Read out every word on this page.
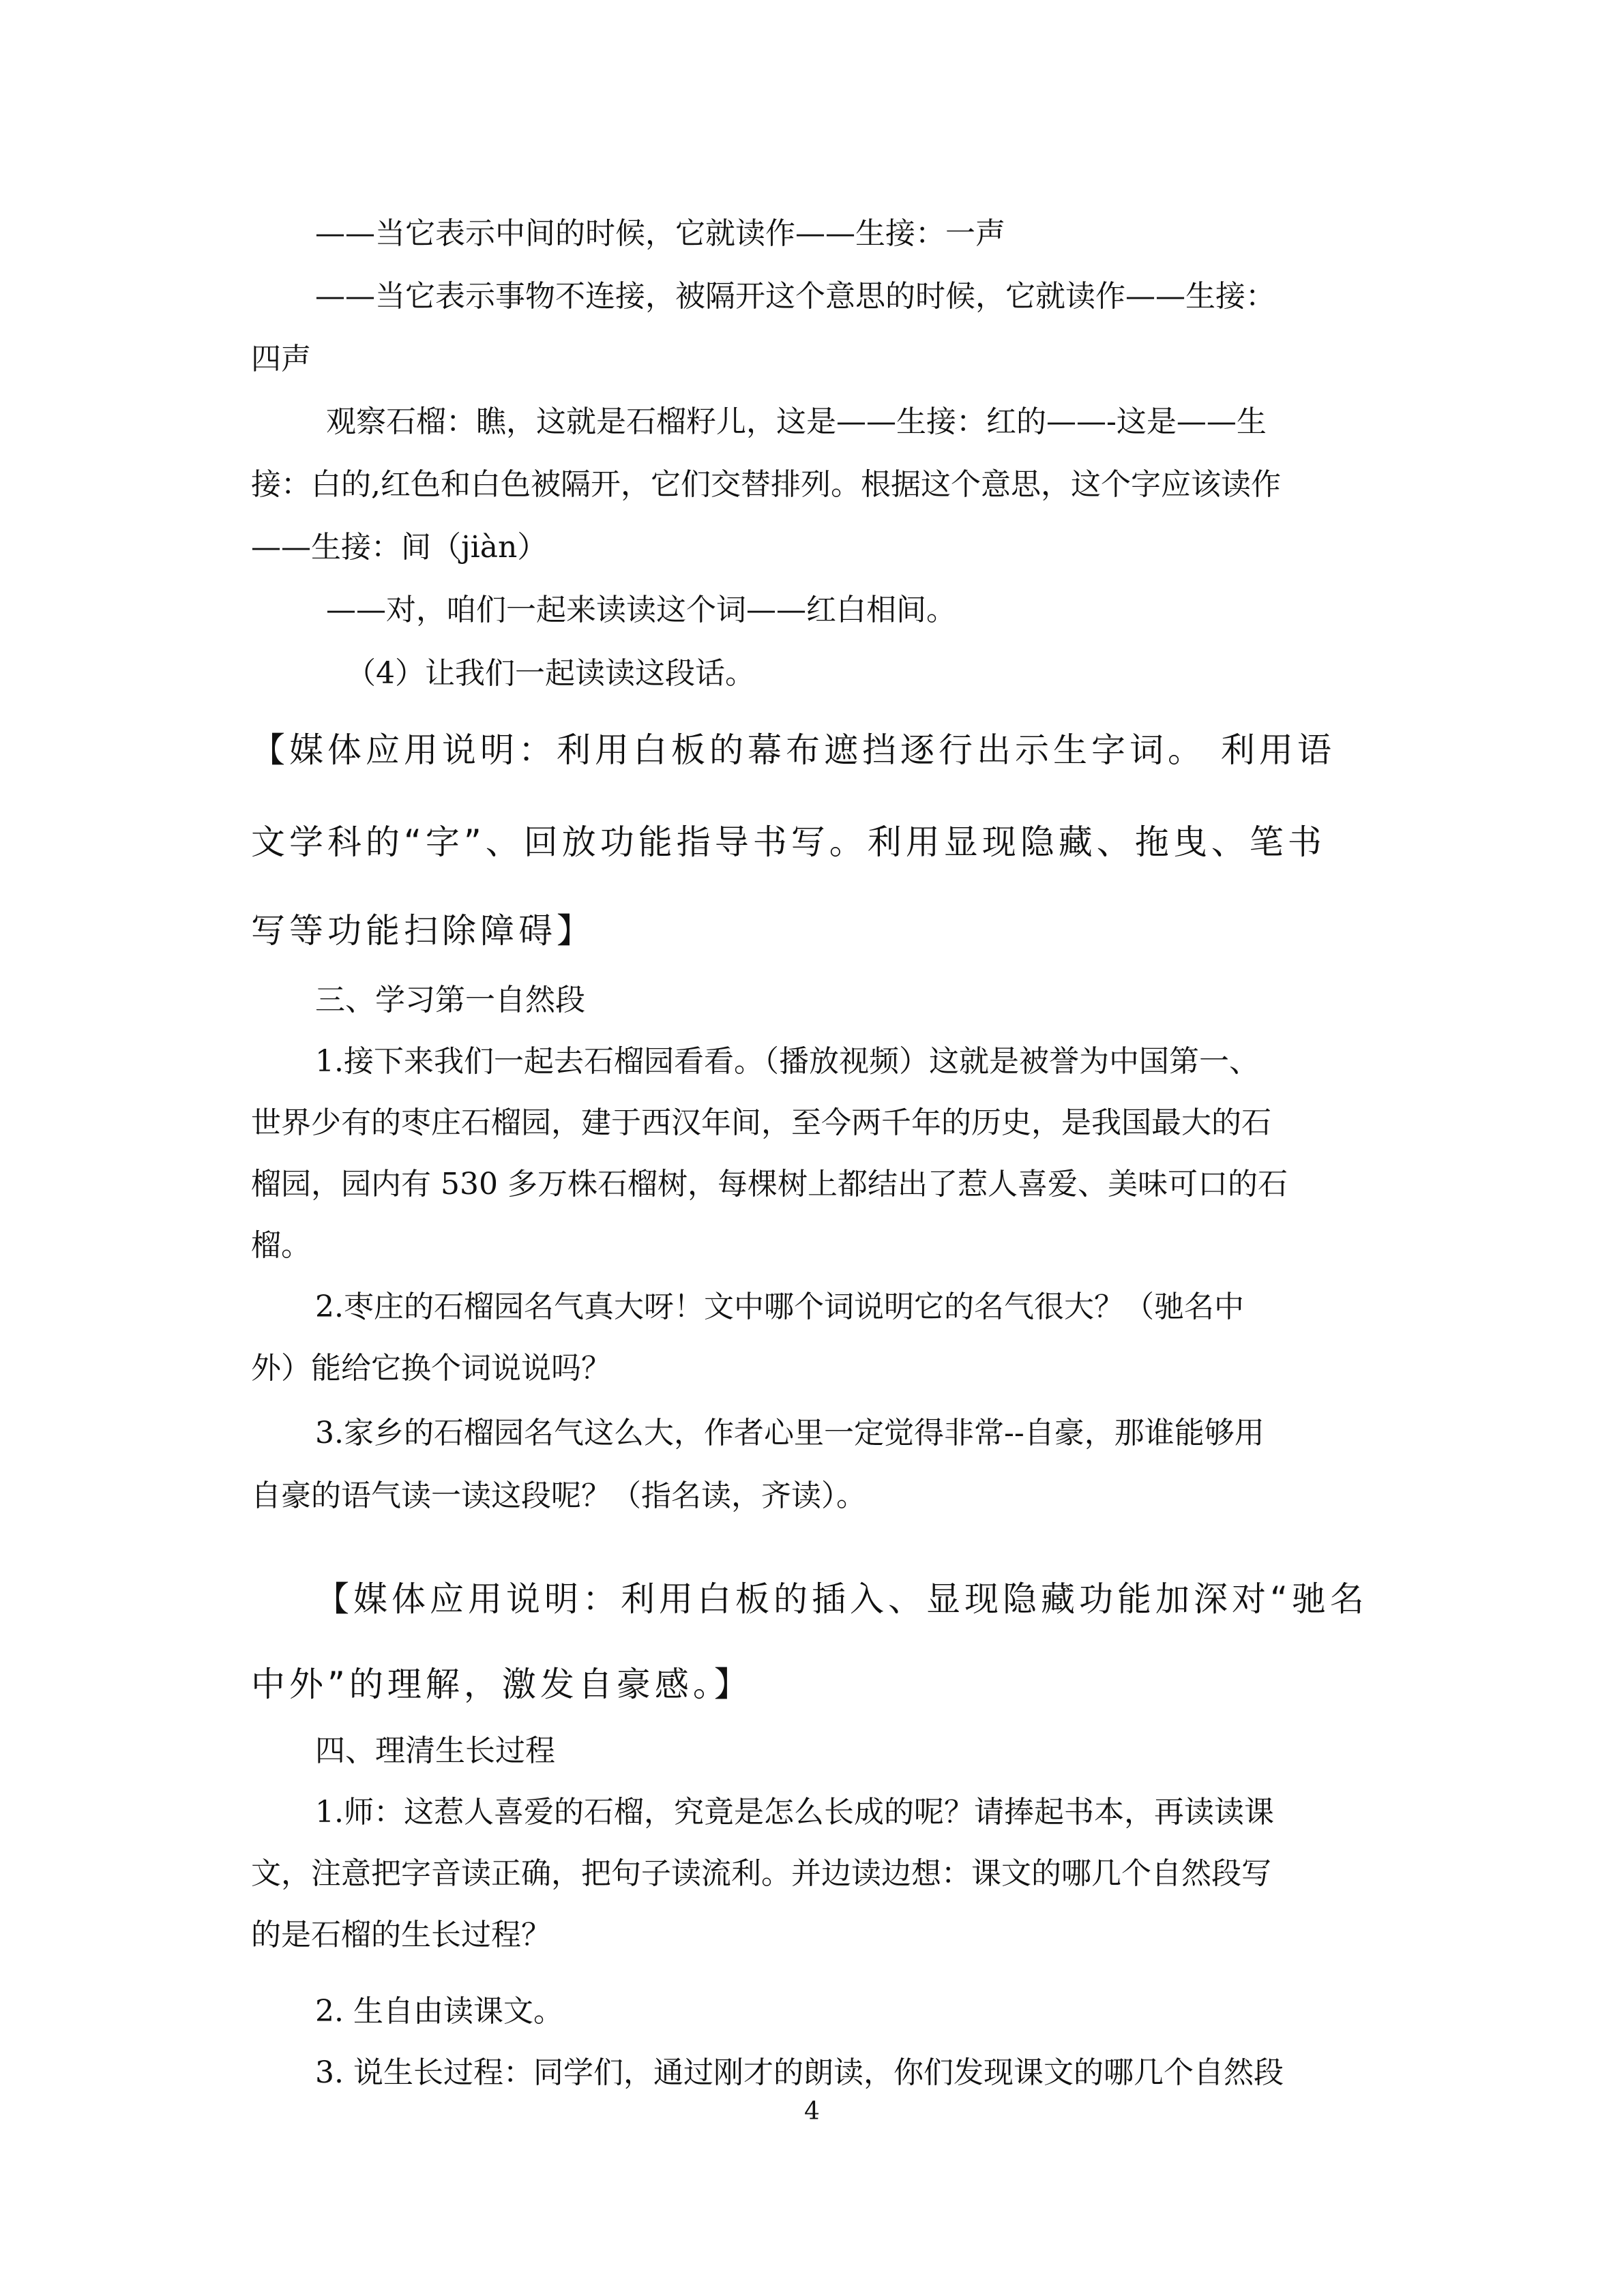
——当它表示中间的时候，它就读作——生接：一声

——当它表示事物不连接，被隔开这个意思的时候，它就读作——生接：

四声

观察石榴：瞧，这就是石榴籽儿，这是——生接：红的——-这是——生

接：白的,红色和白色被隔开，它们交替排列。根据这个意思，这个字应该读作

——生接：间（jiàn）

——对，咱们一起来读读这个词——红白相间。

（4）让我们一起读读这段话。

【媒体应用说明：利用白板的幕布遮挡逐行出示生字词。 利用语

文学科的“字”、回放功能指导书写。利用显现隐藏、拖曳、笔书

写等功能扫除障碍】

三、学习第一自然段

1.接下来我们一起去石榴园看看。（播放视频）这就是被誉为中国第一、

世界少有的枣庄石榴园，建于西汉年间，至今两千年的历史，是我国最大的石

榴园，园内有 530 多万株石榴树，每棵树上都结出了惹人喜爱、美味可口的石

榴。

2.枣庄的石榴园名气真大呀！文中哪个词说明它的名气很大？（驰名中

外）能给它换个词说说吗？

3.家乡的石榴园名气这么大，作者心里一定觉得非常--自豪，那谁能够用

自豪的语气读一读这段呢？（指名读，齐读）。

【媒体应用说明：利用白板的插入、显现隐藏功能加深对“驰名

中外”的理解，激发自豪感。】

四、理清生长过程

1.师：这惹人喜爱的石榴，究竟是怎么长成的呢？请捧起书本，再读读课

文，注意把字音读正确，把句子读流利。并边读边想：课文的哪几个自然段写

的是石榴的生长过程？

2. 生自由读课文。

3. 说生长过程：同学们，通过刚才的朗读，你们发现课文的哪几个自然段

4
